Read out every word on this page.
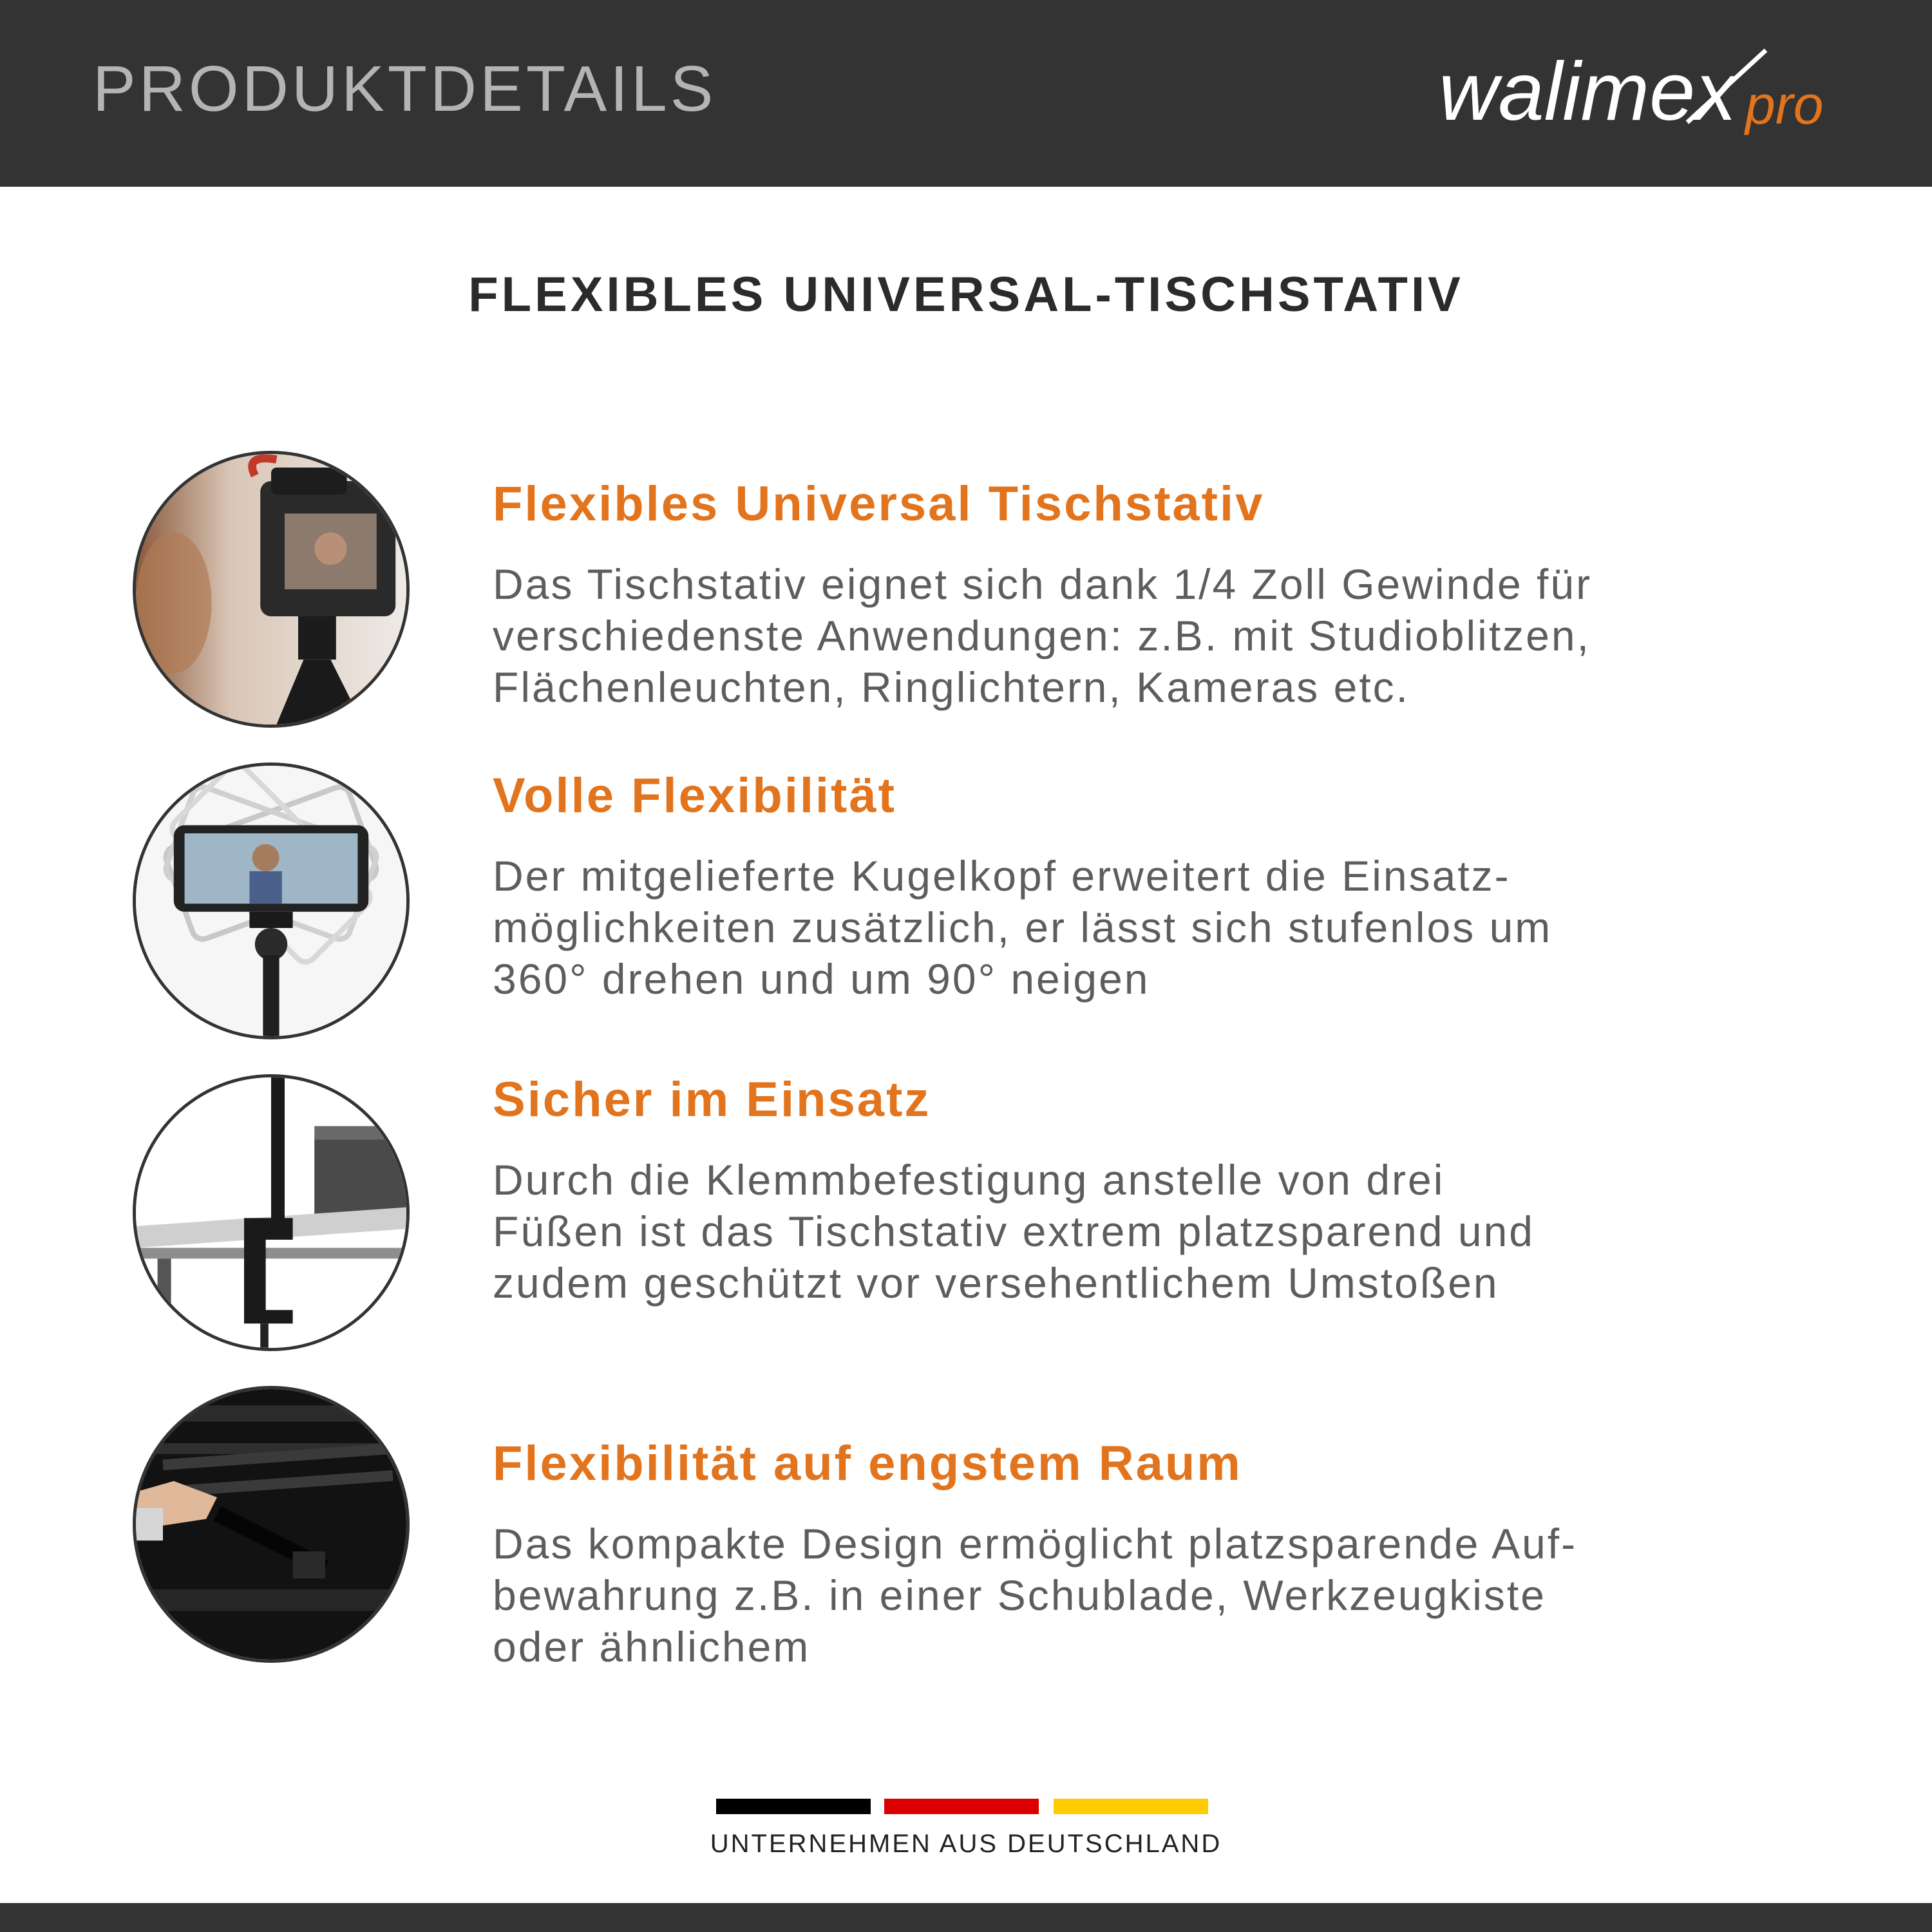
PRODUKTDETAILS	walimex pro
FLEXIBLES UNIVERSAL-TISCHSTATIV
Flexibles Universal Tischstativ

Das Tischstativ eignet sich dank 1/4 Zoll Gewinde für
verschiedenste Anwendungen: z.B. mit Studioblitzen,
Flächenleuchten, Ringlichtern, Kameras etc.

Volle Flexibilität

Der mitgelieferte Kugelkopf erweitert die Einsatz-
möglichkeiten zusätzlich, er lässt sich stufenlos um
360° drehen und um 90° neigen

Sicher im Einsatz

Durch die Klemmbefestigung anstelle von drei
Füßen ist das Tischstativ extrem platzsparend und
zudem geschützt vor versehentlichem Umstoßen

Flexibilität auf engstem Raum

Das kompakte Design ermöglicht platzsparende Auf-
bewahrung z.B. in einer Schublade, Werkzeugkiste
oder ähnlichem

UNTERNEHMEN AUS DEUTSCHLAND
